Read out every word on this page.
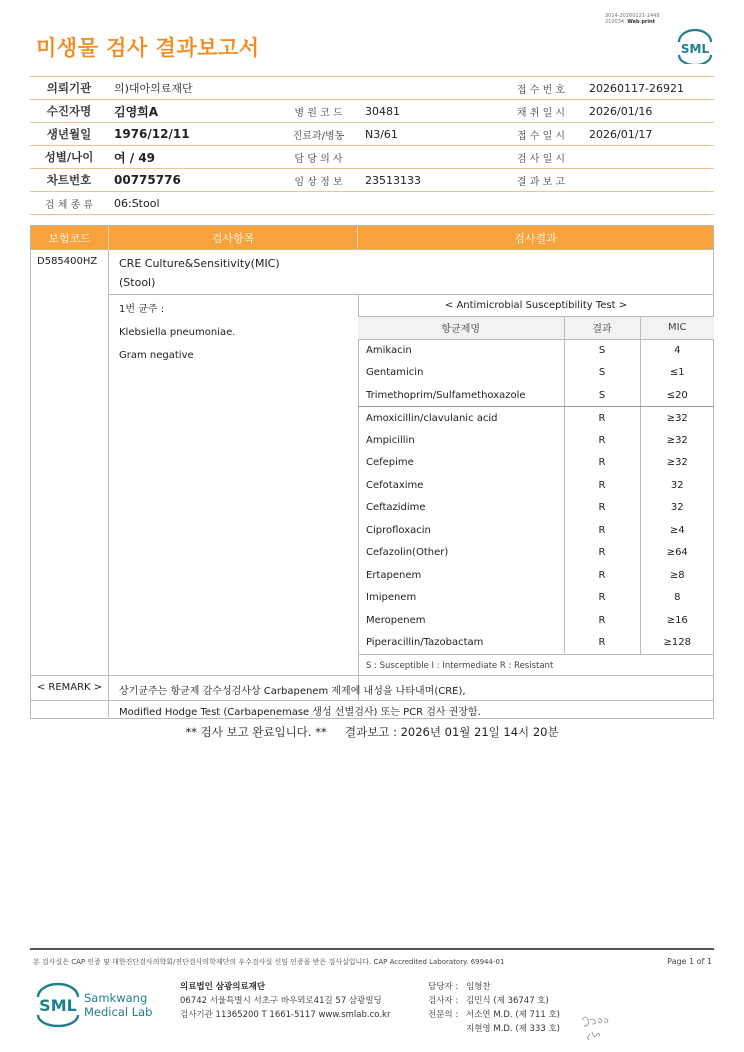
미생물 검사 결과보고서
3014-20260121-1448
210034 Web print
SML
의뢰기관	의)대아의료재단			접 수 번 호	20260117-26921
수진자명	김영희A	병 원 코 드	30481		채 취 일 시	2026/01/16
생년월일	1976/12/11	진료과/병동	N3/61		접 수 일 시	2026/01/17
성별/나이	여 / 49	담 당 의 사			검 사 일 시	
차트번호	00775776	임 상 정 보	23513133		결 과 보 고	
검 체 종 류	06:Stool				
보험코드	검사항목	검사결과
D585400HZ	CRE Culture&Sensitivity(MIC)
(Stool)
1번 균주 :
Klebsiella pneumoniae.
Gram negative
< Antimicrobial Susceptibility Test >		
항균제명	결과	MIC
Amikacin	S	4
Gentamicin	S	≤1
Trimethoprim/Sulfamethoxazole	S	≤20
Amoxicillin/clavulanic acid	R	≥32
Ampicillin	R	≥32
Cefepime	R	≥32
Cefotaxime	R	32
Ceftazidime	R	32
Ciprofloxacin	R	≥4
Cefazolin(Other)	R	≥64
Ertapenem	R	≥8
Imipenem	R	8
Meropenem	R	≥16
Piperacillin/Tazobactam	R	≥128
S : Susceptible I : Intermediate R : Resistant		
< REMARK >	상기균주는 항균제 감수성검사상 Carbapenem 제제에 내성을 나타내며(CRE),
Modified Hodge Test (Carbapenemase 생성 선별검사) 또는 PCR 검사 권장함.
** 검사 보고 완료입니다. **     결과보고 : 2026년 01월 21일 14시 20분
본 검사실은 CAP 인증 및 대한진단검사의학회/진단검사의학재단의 우수검사실 신임 인증을 받은 검사실입니다. CAP Accredited Laboratory. 69944-01	Page 1 of 1
SML Samkwang
Medical Lab
의료법인 삼광의료재단
06742 서울특별시 서초구 바우뫼로41길 57 삼광빌딩
검사기관 11365200 T 1661-5117 www.smlab.co.kr
담당자 : 임형찬
검사자 : 김민식 (제 36747 호)
전문의 : 서소연 M.D. (제 711 호)
지현영 M.D. (제 333 호)
